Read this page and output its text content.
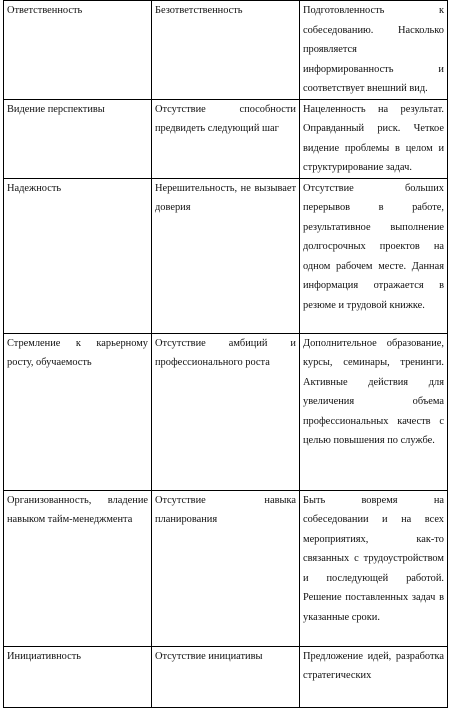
Ответственность	Безответственность	Подготовленность к собеседованию. Насколько проявляется информированность и соответствует внешний вид.

Видение перспективы	Отсутствие способности предвидеть следующий шаг	Нацеленность на результат. Оправданный риск. Четкое видение проблемы в целом и структурирование задач.

Надежность	Нерешительность, не вызывает доверия	Отсутствие больших перерывов в работе, результативное выполнение долгосрочных проектов на одном рабочем месте. Данная информация отражается в резюме и трудовой книжке.

Стремление к карьерному росту, обучаемость	Отсутствие амбиций и профессионального роста	Дополнительное образование, курсы, семинары, тренинги. Активные действия для увеличения объема профессиональных качеств с целью повышения по службе.

Организованность, владение навыком тайм-менеджмента	Отсутствие навыка планирования	Быть вовремя на собеседовании и на всех мероприятиях, как-то связанных с трудоустройством и последующей работой. Решение поставленных задач в указанные сроки.

Инициативность	Отсутствие инициативы	Предложение идей, разработка стратегических
